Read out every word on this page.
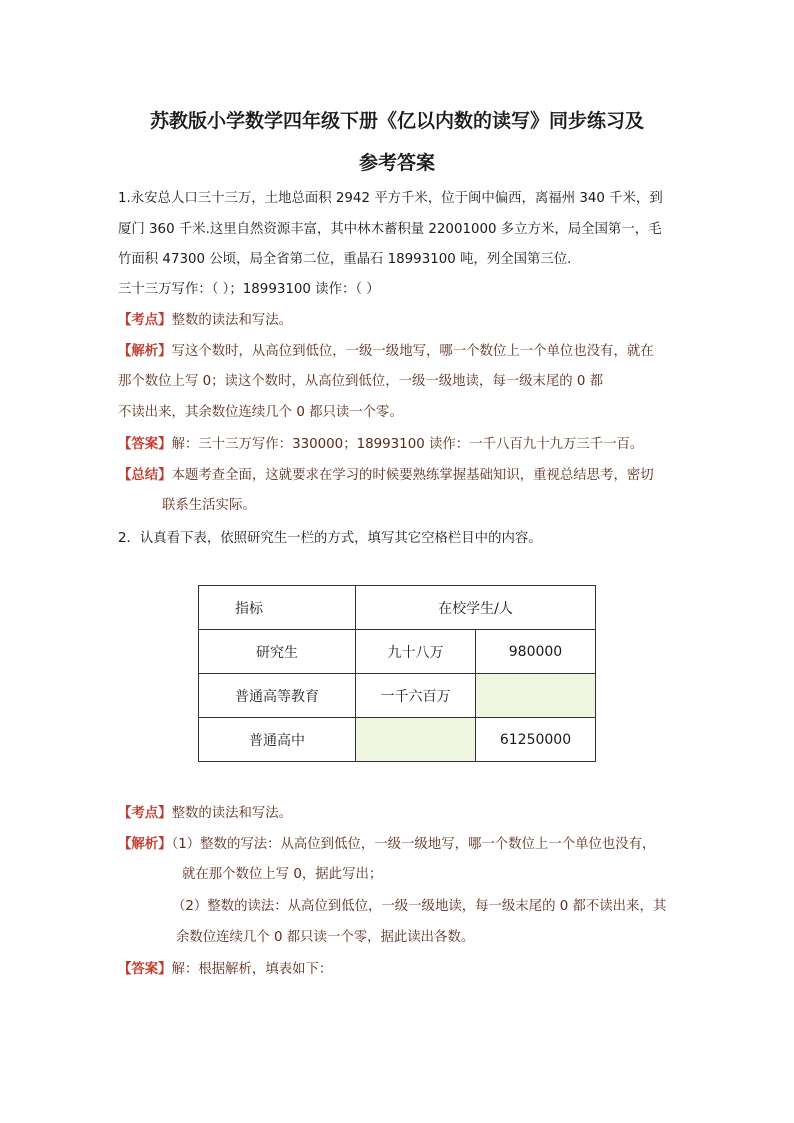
苏教版小学数学四年级下册《亿以内数的读写》同步练习及
参考答案
1.永安总人口三十三万，土地总面积 2942 平方千米，位于闽中偏西，离福州 340 千米，到
厦门 360 千米.这里自然资源丰富，其中林木蓄积量 22001000 多立方米，局全国第一，毛
竹面积 47300 公顷，局全省第二位，重晶石 18993100 吨，列全国第三位.
三十三万写作：（ ）；18993100 读作：（ ）
【考点】整数的读法和写法。
【解析】写这个数时，从高位到低位，一级一级地写，哪一个数位上一个单位也没有，就在
那个数位上写 0；读这个数时，从高位到低位，一级一级地读，每一级末尾的 0 都
不读出来，其余数位连续几个 0 都只读一个零。
【答案】解：三十三万写作：330000；18993100 读作：一千八百九十九万三千一百。
【总结】本题考查全面，这就要求在学习的时候要熟练掌握基础知识，重视总结思考，密切
联系生活实际。
2．认真看下表，依照研究生一栏的方式，填写其它空格栏目中的内容。
指标	在校学生/人	
研究生	九十八万	980000
普通高等教育	一千六百万	
普通高中		61250000
【考点】整数的读法和写法。
【解析】（1）整数的写法：从高位到低位，一级一级地写，哪一个数位上一个单位也没有，
就在那个数位上写 0，据此写出；
（2）整数的读法：从高位到低位，一级一级地读，每一级末尾的 0 都不读出来，其
余数位连续几个 0 都只读一个零，据此读出各数。
【答案】解：根据解析，填表如下：
